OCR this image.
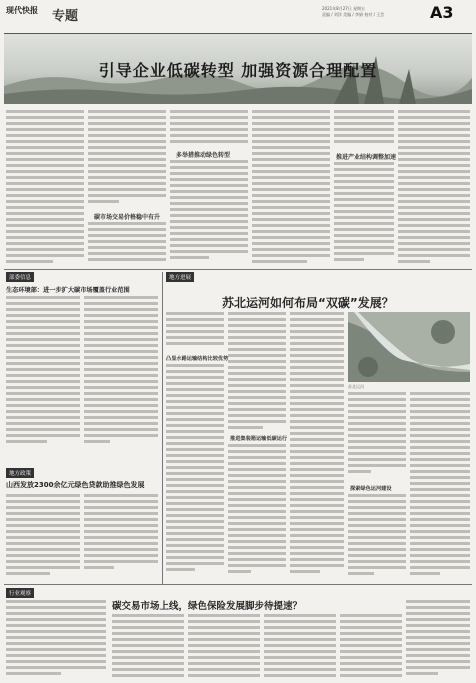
现代快报 专题
2021年8月27日 星期五
责编 / 刘洋 美编 / 李娟 校对 / 王芸	A3
引导企业低碳转型 加强资源合理配置
碳市场交易价格稳中有升
多举措推动绿色转型	推进产业结构调整加速
部委信息
生态环境部：进一步扩大碳市场覆盖行业范围
地方政策
山西发放2300余亿元绿色贷款助推绿色发展
地方进展
苏北运河如何布局“双碳”发展？
凸显水路运输结构比较优势
推进集装箱运输低碳运行
苏北运河
探索绿色运河建设
行业观察
碳交易市场上线，绿色保险发展脚步待提速？
